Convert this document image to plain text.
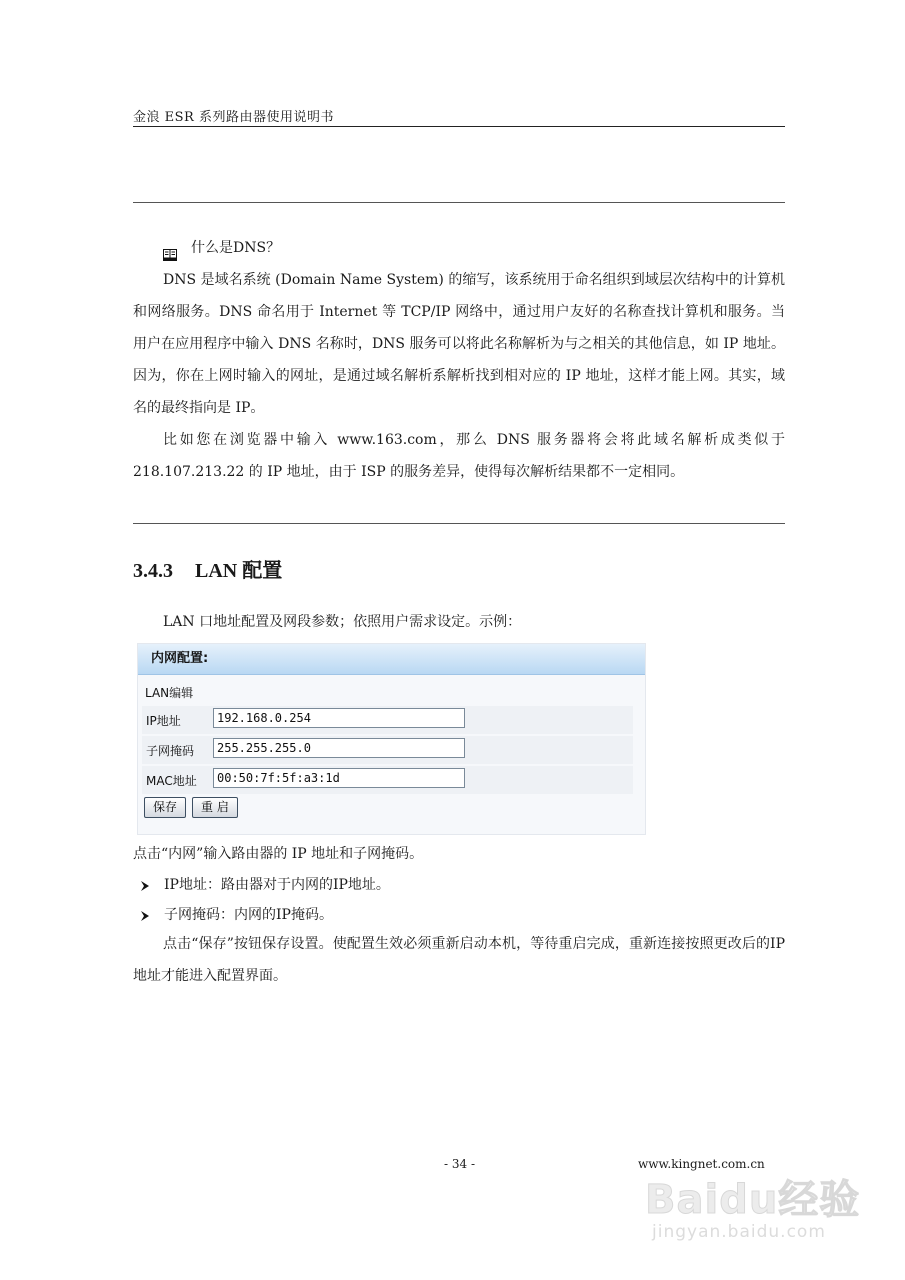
金浪 ESR 系列路由器使用说明书
什么是DNS？

DNS 是域名系统 (Domain Name System) 的缩写，该系统用于命名组织到域层次结构中的计算机和网络服务。DNS 命名用于 Internet 等 TCP/IP 网络中，通过用户友好的名称查找计算机和服务。当用户在应用程序中输入 DNS 名称时，DNS 服务可以将此名称解析为与之相关的其他信息，如 IP 地址。因为，你在上网时输入的网址，是通过域名解析系解析找到相对应的 IP 地址，这样才能上网。其实，域名的最终指向是 IP。

比如您在浏览器中输入 www.163.com，那么 DNS 服务器将会将此域名解析成类似于 218.107.213.22 的 IP 地址，由于 ISP 的服务差异，使得每次解析结果都不一定相同。

3.4.3 LAN 配置
LAN 口地址配置及网段参数；依照用户需求设定。示例：
内网配置:
LAN编辑
IP地址
192.168.0.254
子网掩码
255.255.255.0
MAC地址
00:50:7f:5f:a3:1d
保存	重 启
点击“内网”输入路由器的 IP 地址和子网掩码。
IP地址：路由器对于内网的IP地址。
子网掩码：内网的IP掩码。

点击“保存”按钮保存设置。使配置生效必须重新启动本机，等待重启完成，重新连接按照更改后的IP地址才能进入配置界面。

- 34 -	www.kingnet.com.cn
Baidu经验
jingyan.baidu.com
